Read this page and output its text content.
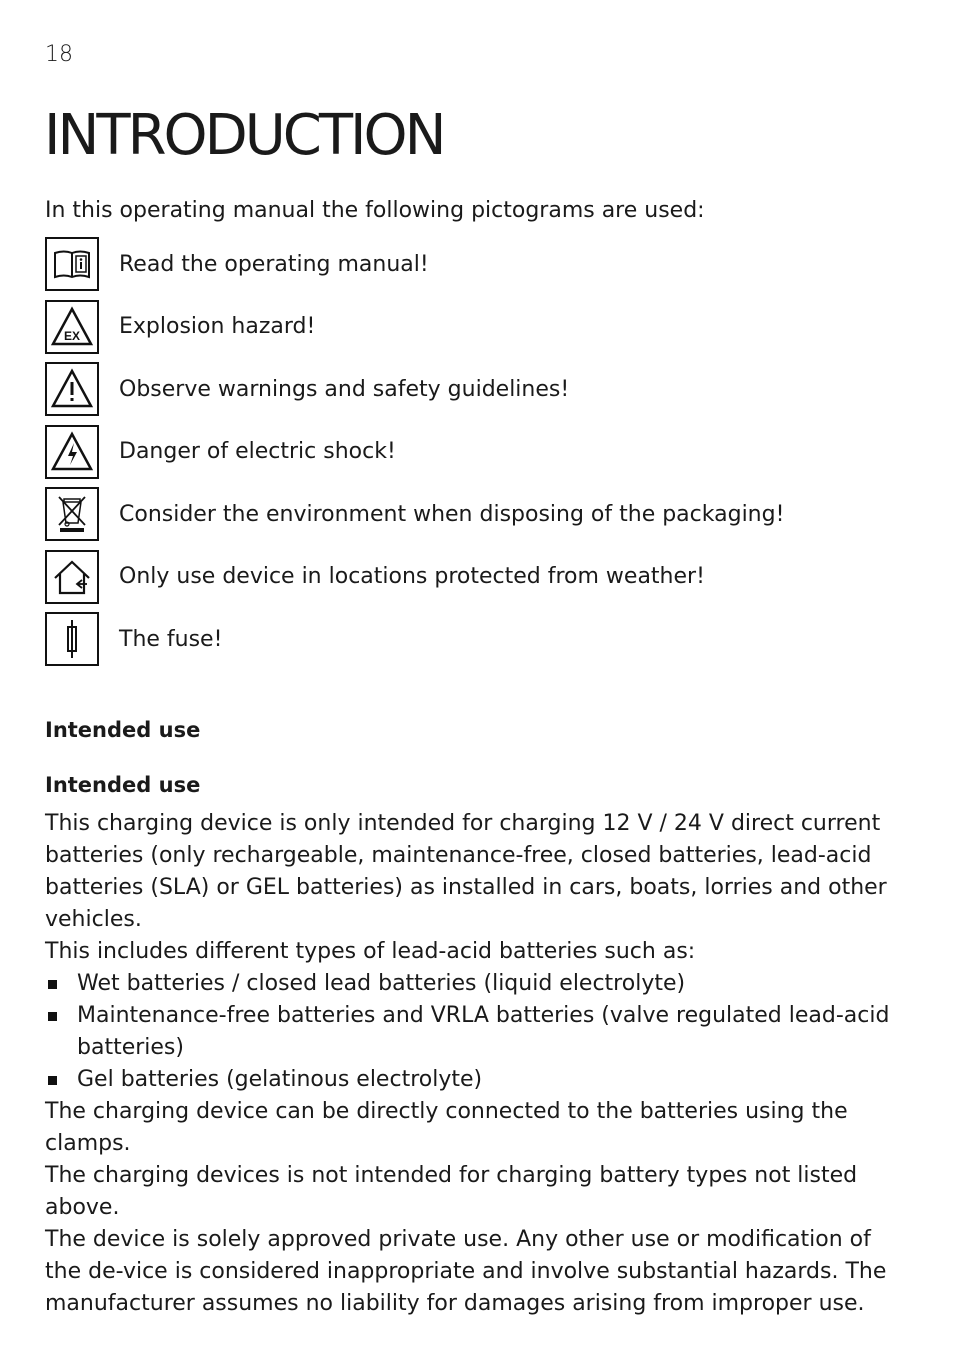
18
INTRODUCTION
In this operating manual the following pictograms are used:
Read the operating manual!
EX Explosion hazard!
Observe warnings and safety guidelines!
Danger of electric shock!
Consider the environment when disposing of the packaging!
Only use device in locations protected from weather!
The fuse!
Intended use
Intended use

This charging device is only intended for charging 12 V / 24 V direct current batteries (only rechargeable, maintenance-free, closed batteries, lead-acid batteries (SLA) or GEL batteries) as installed in cars, boats, lorries and other vehicles.

This includes different types of lead-acid batteries such as:

Wet batteries / closed lead batteries (liquid electrolyte)
Maintenance-free batteries and VRLA batteries (valve regulated lead-acid batteries)
Gel batteries (gelatinous electrolyte)

The charging device can be directly connected to the batteries using the clamps.

The charging devices is not intended for charging battery types not listed above.

The device is solely approved private use. Any other use or modification of the de-vice is considered inappropriate and involve substantial hazards. The manufacturer assumes no liability for damages arising from improper use.
